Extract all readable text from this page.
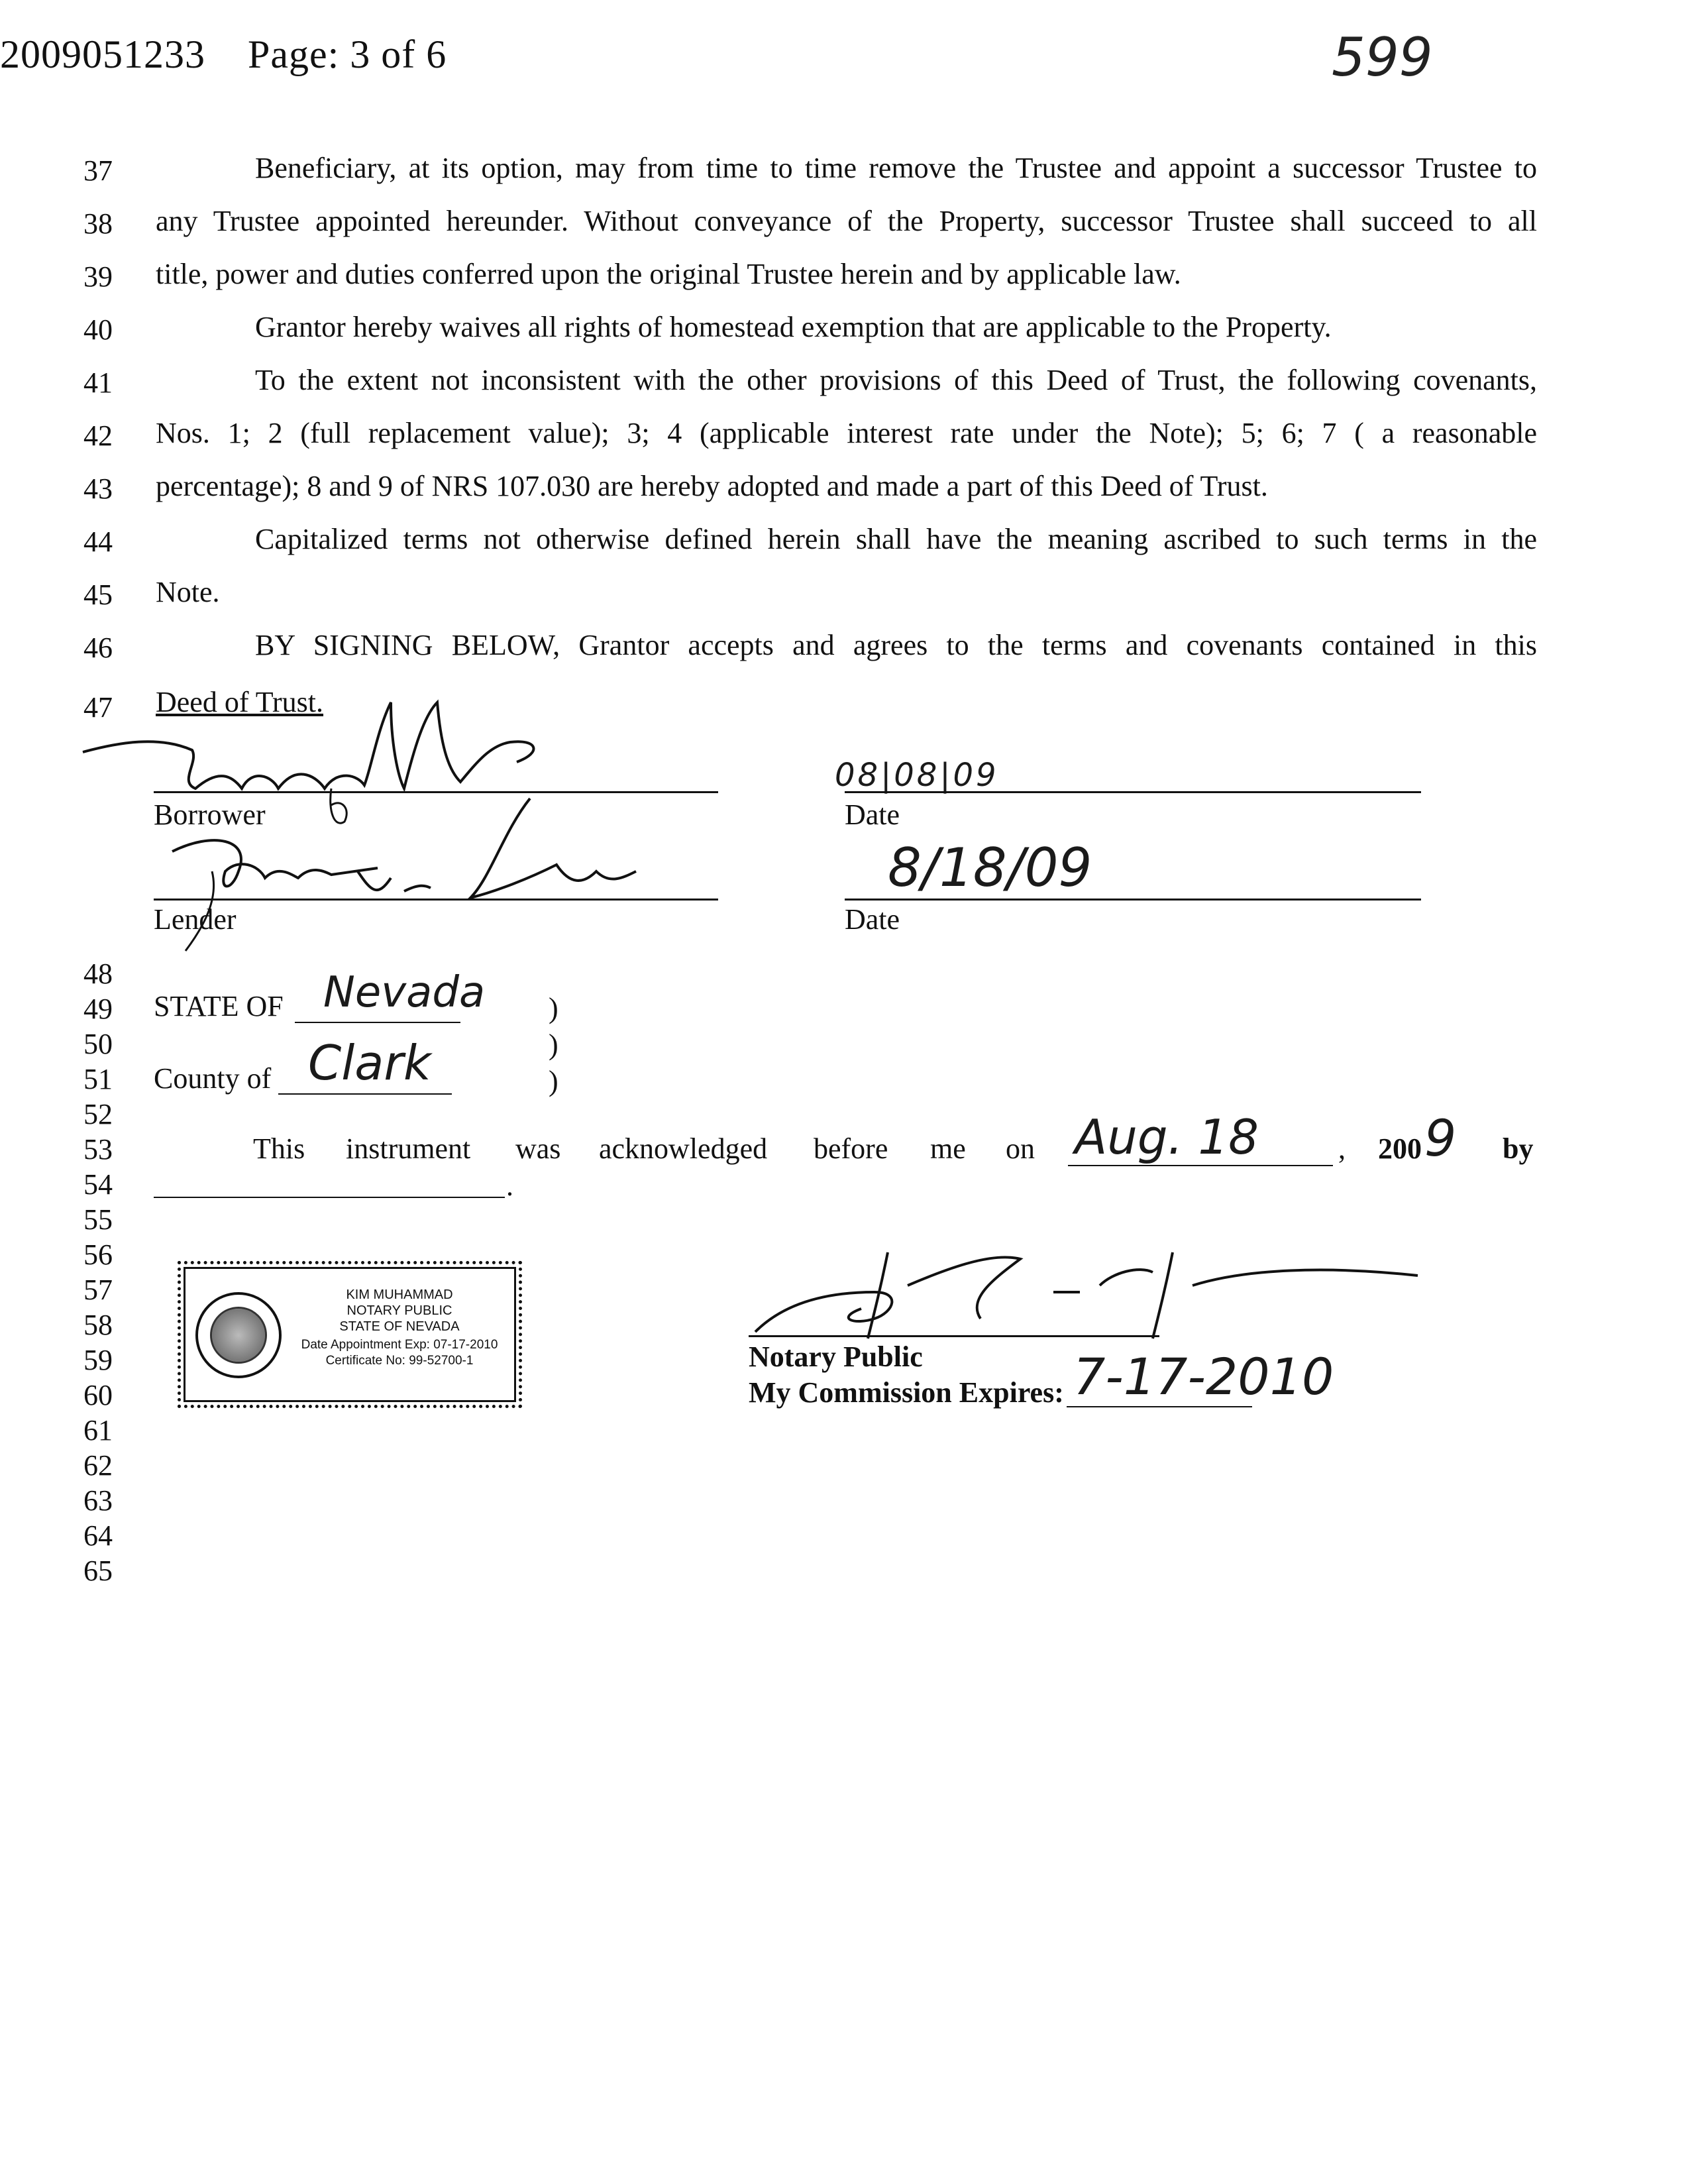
2009051233 Page: 3 of 6	599
37	Beneficiary, at its option, may from time to time remove the Trustee and appoint a successor Trustee to
38 any Trustee appointed hereunder. Without conveyance of the Property, successor Trustee shall succeed to all
39 title, power and duties conferred upon the original Trustee herein and by applicable law.
40	Grantor hereby waives all rights of homestead exemption that are applicable to the Property.
41	To the extent not inconsistent with the other provisions of this Deed of Trust, the following covenants,
42 Nos. 1; 2 (full replacement value); 3; 4 (applicable interest rate under the Note); 5; 6; 7 ( a reasonable
43 percentage); 8 and 9 of NRS 107.030 are hereby adopted and made a part of this Deed of Trust.
44	Capitalized terms not otherwise defined herein shall have the meaning ascribed to such terms in the
45 Note.
46	BY SIGNING BELOW, Grantor accepts and agrees to the terms and covenants contained in this
47 Deed of Trust.
Borrower
08|08|09
Date
Lender
8/18/09
Date
48
49
50
51
52
53
54
55
56
57
58
59
60
61
62
63
64
65
STATE OF Nevada )
)
County of Clark	)
This instrument was acknowledged before me on Aug. 18	, 200 9 by
.
KIM MUHAMMAD
NOTARY PUBLIC
STATE OF NEVADA
Date Appointment Exp: 07-17-2010
Certificate No: 99-52700-1	Notary Public
My Commission Expires: 7-17-2010
